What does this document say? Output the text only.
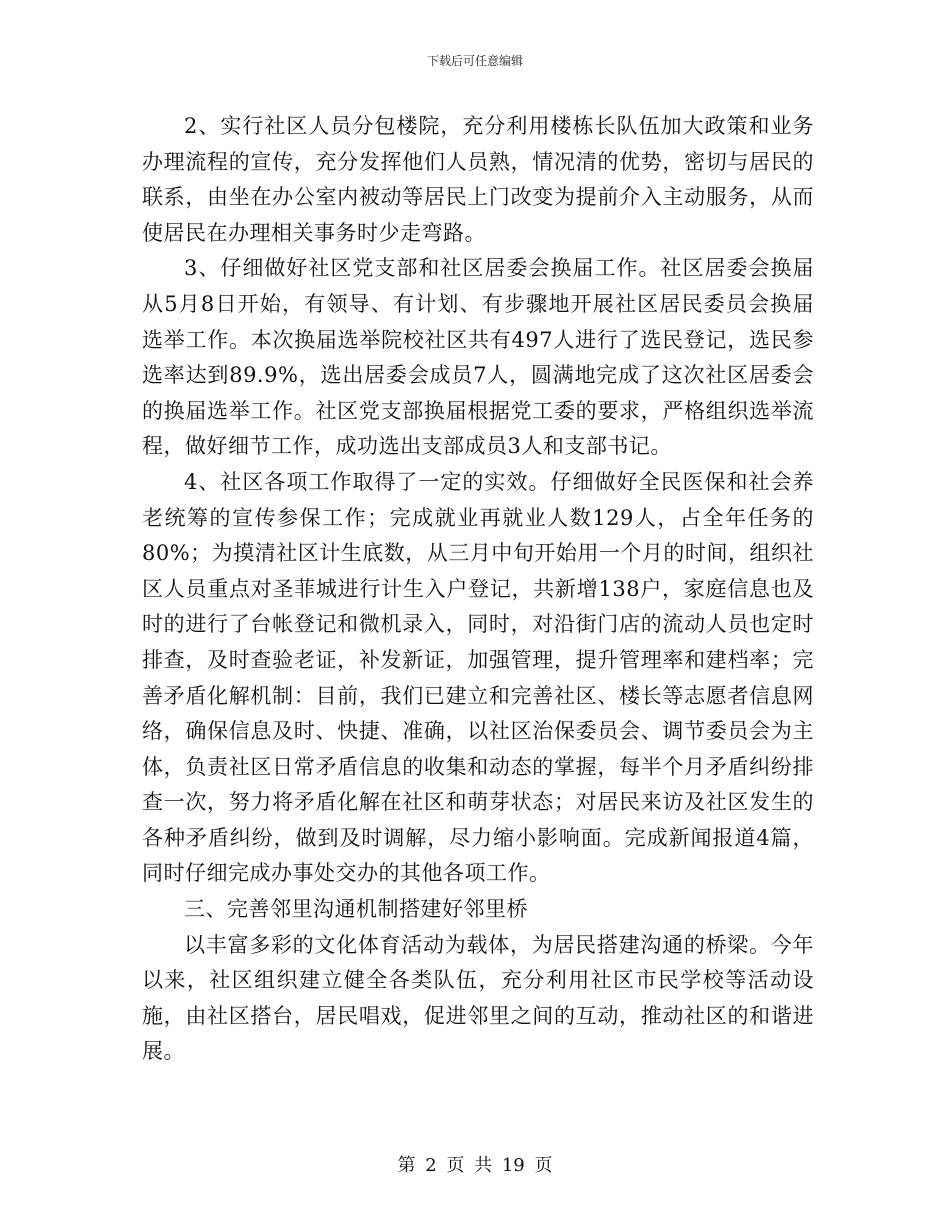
下载后可任意编辑

2、实行社区人员分包楼院，充分利用楼栋长队伍加大政策和业务办理流程的宣传，充分发挥他们人员熟，情况清的优势，密切与居民的联系，由坐在办公室内被动等居民上门改变为提前介入主动服务，从而使居民在办理相关事务时少走弯路。

3、仔细做好社区党支部和社区居委会换届工作。社区居委会换届从5月8日开始，有领导、有计划、有步骤地开展社区居民委员会换届选举工作。本次换届选举院校社区共有497人进行了选民登记，选民参选率达到89.9%，选出居委会成员7人，圆满地完成了这次社区居委会的换届选举工作。社区党支部换届根据党工委的要求，严格组织选举流程，做好细节工作，成功选出支部成员3人和支部书记。

4、社区各项工作取得了一定的实效。仔细做好全民医保和社会养老统筹的宣传参保工作；完成就业再就业人数129人，占全年任务的80%；为摸清社区计生底数，从三月中旬开始用一个月的时间，组织社区人员重点对圣菲城进行计生入户登记，共新增138户，家庭信息也及时的进行了台帐登记和微机录入，同时，对沿街门店的流动人员也定时排查，及时查验老证，补发新证，加强管理，提升管理率和建档率；完善矛盾化解机制：目前，我们已建立和完善社区、楼长等志愿者信息网络，确保信息及时、快捷、准确，以社区治保委员会、调节委员会为主体，负责社区日常矛盾信息的收集和动态的掌握，每半个月矛盾纠纷排查一次，努力将矛盾化解在社区和萌芽状态；对居民来访及社区发生的各种矛盾纠纷，做到及时调解，尽力缩小影响面。完成新闻报道4篇，同时仔细完成办事处交办的其他各项工作。

三、完善邻里沟通机制搭建好邻里桥

以丰富多彩的文化体育活动为载体，为居民搭建沟通的桥梁。今年以来，社区组织建立健全各类队伍，充分利用社区市民学校等活动设施，由社区搭台，居民唱戏，促进邻里之间的互动，推动社区的和谐进展。

第 2 页 共 19 页
